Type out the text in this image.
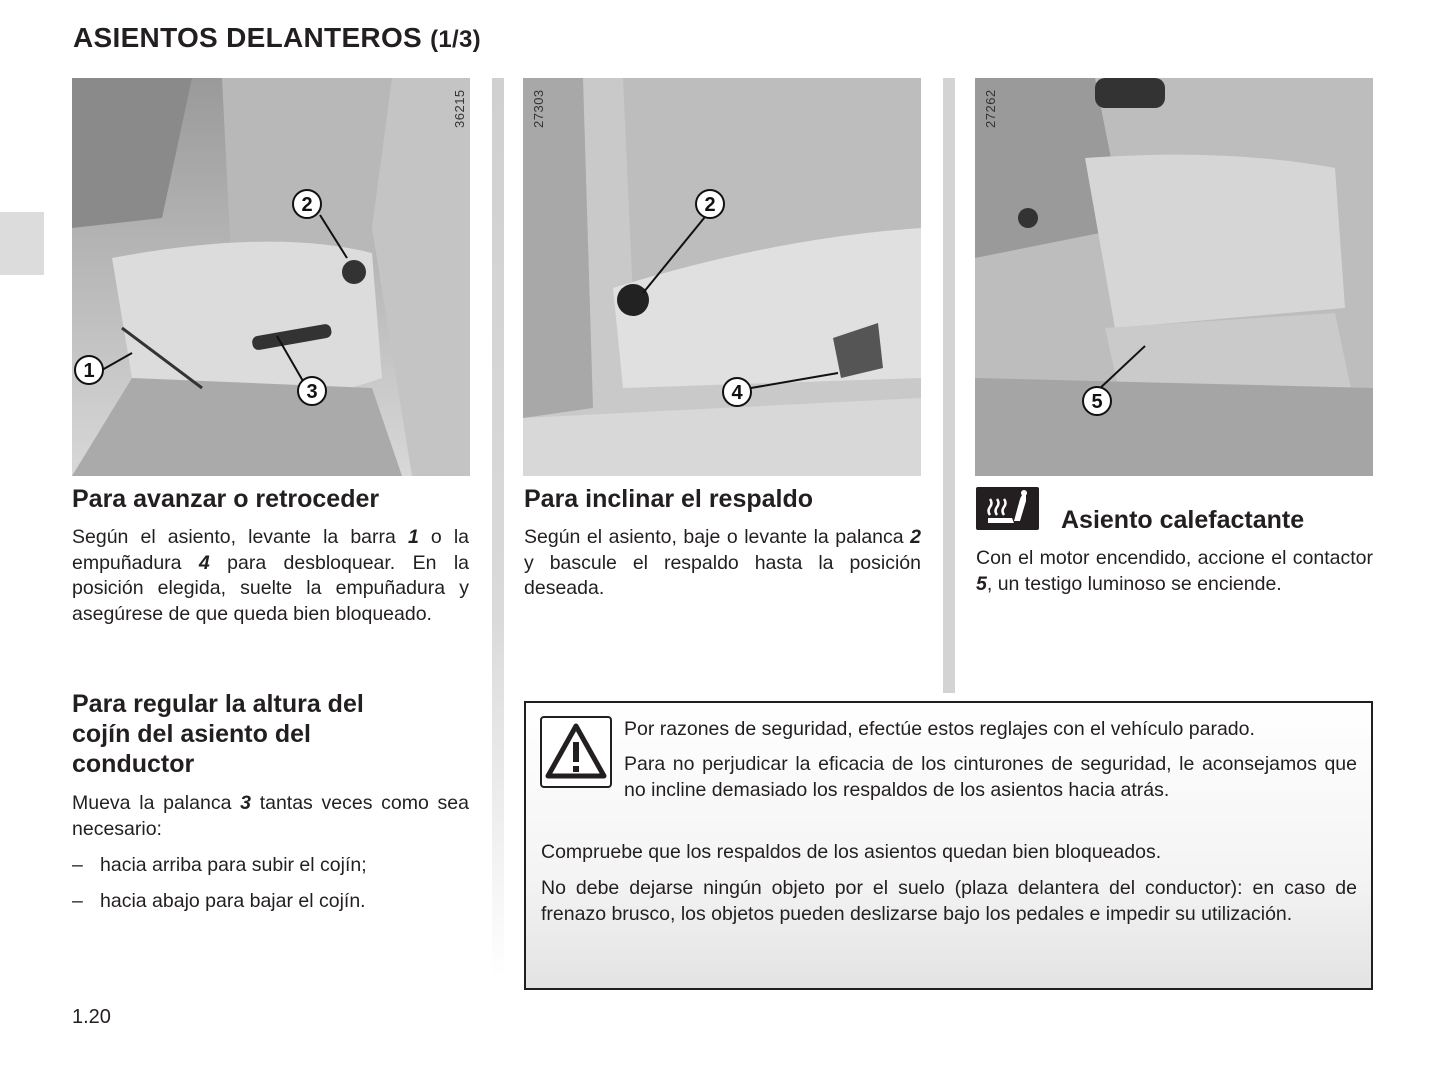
ASIENTOS DELANTEROS (1/3)
1
2
3
36215
2
4
27303
5
27262
Para avanzar o retroceder
Según el asiento, levante la barra 1 o la empuñadura 4 para desbloquear. En la posición elegida, suelte la empuñadura y asegúrese de que queda bien bloqueado.
Para regular la altura del cojín del asiento del conductor
Mueva la palanca 3 tantas veces como sea necesario:
– hacia arriba para subir el cojín;
– hacia abajo para bajar el cojín.
Para inclinar el respaldo
Según el asiento, baje o levante la palanca 2 y bascule el respaldo hasta la posición deseada.
Asiento calefactante
Con el motor encendido, accione el contactor 5, un testigo luminoso se enciende.
Por razones de seguridad, efectúe estos reglajes con el vehículo parado.
Para no perjudicar la eficacia de los cinturones de seguridad, le aconsejamos que no incline demasiado los respaldos de los asientos hacia atrás.
Compruebe que los respaldos de los asientos quedan bien bloqueados.
No debe dejarse ningún objeto por el suelo (plaza delantera del conductor): en caso de frenazo brusco, los objetos pueden deslizarse bajo los pedales e impedir su utilización.
1.20
